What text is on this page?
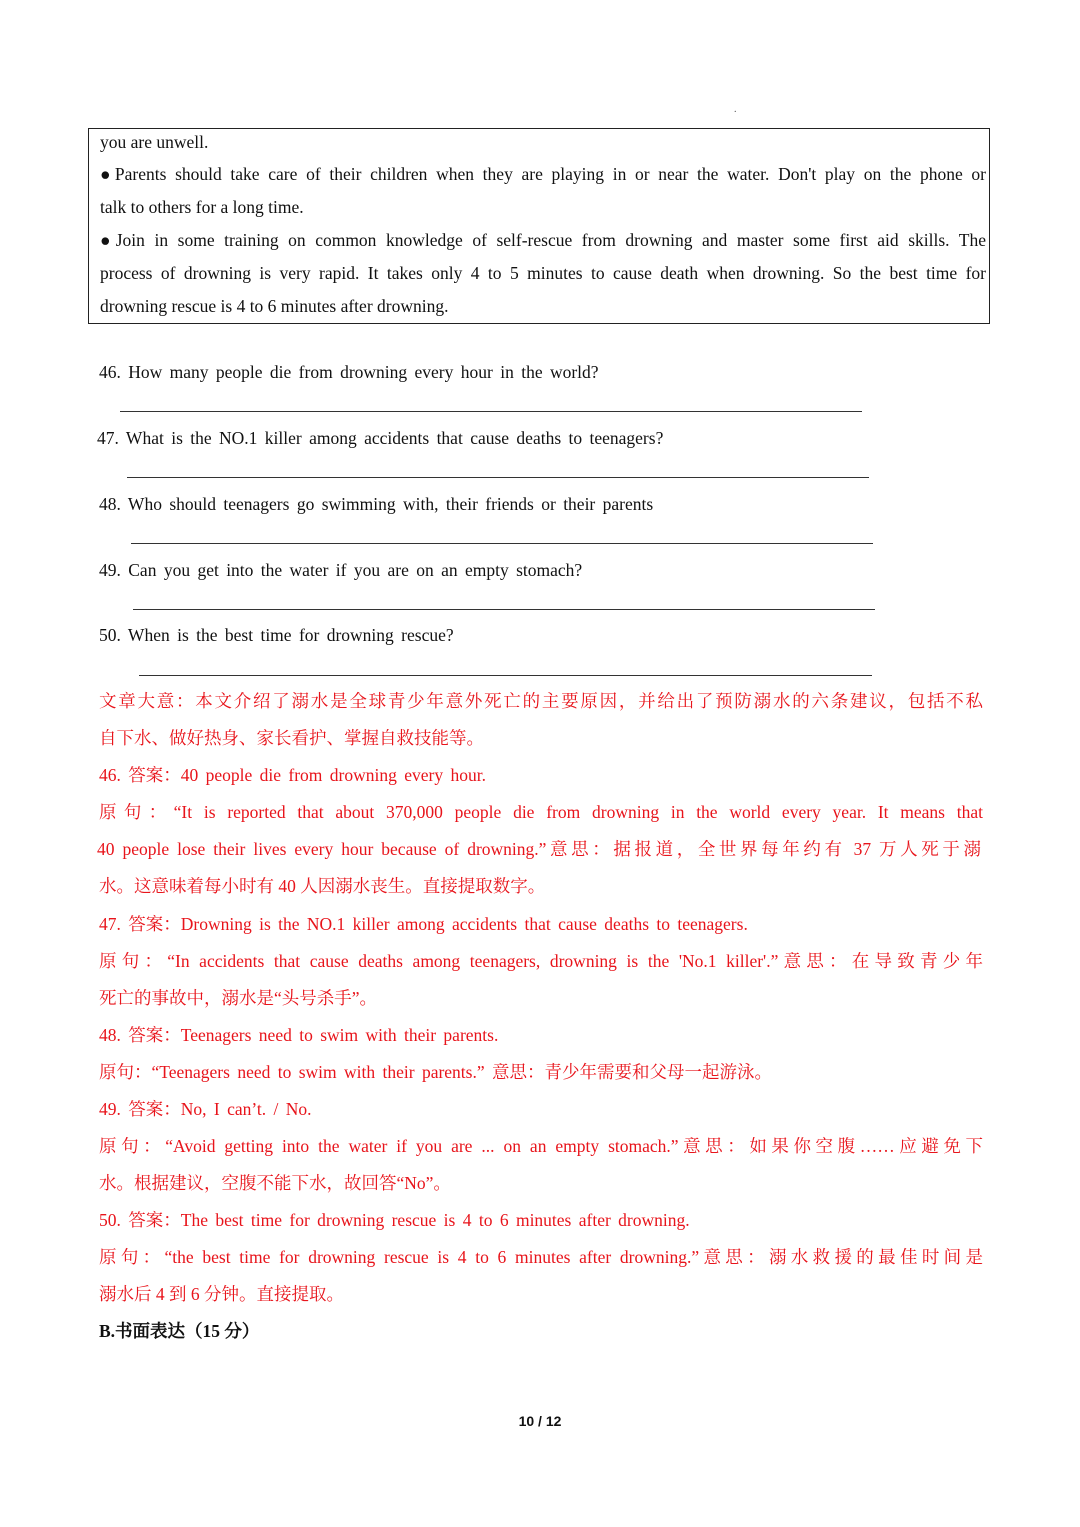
.
you are unwell.
●Parents should take care of their children when they are playing in or near the water. Don't play on the phone or
talk to others for a long time.
●Join in some training on common knowledge of self-rescue from drowning and master some first aid skills. The
process of drowning is very rapid. It takes only 4 to 5 minutes to cause death when drowning. So the best time for
drowning rescue is 4 to 6 minutes after drowning.
46. How many people die from drowning every hour in the world?
47. What is the NO.1 killer among accidents that cause deaths to teenagers?
48. Who should teenagers go swimming with, their friends or their parents
49. Can you get into the water if you are on an empty stomach?
50. When is the best time for drowning rescue?
文章大意：本文介绍了溺水是全球青少年意外死亡的主要原因，并给出了预防溺水的六条建议，包括不私
自下水、做好热身、家长看护、掌握自救技能等。
46. 答案：40 people die from drowning every hour.
原句：“It is reported that about 370,000 people die from drowning in the world every year. It means that
40 people lose their lives every hour because of drowning.”意思：据报道，全世界每年约有 37 万人死于溺
水。这意味着每小时有 40 人因溺水丧生。直接提取数字。
47. 答案：Drowning is the NO.1 killer among accidents that cause deaths to teenagers.
原句：“In accidents that cause deaths among teenagers, drowning is the 'No.1 killer'.”意思：在导致青少年
死亡的事故中，溺水是“头号杀手”。
48. 答案：Teenagers need to swim with their parents.
原句：“Teenagers need to swim with their parents.” 意思：青少年需要和父母一起游泳。
49. 答案：No, I can’t. / No.
原句：“Avoid getting into the water if you are ... on an empty stomach.”意思：如果你空腹……应避免下
水。根据建议，空腹不能下水，故回答“No”。
50. 答案：The best time for drowning rescue is 4 to 6 minutes after drowning.
原句：“the best time for drowning rescue is 4 to 6 minutes after drowning.”意思：溺水救援的最佳时间是
溺水后 4 到 6 分钟。直接提取。
B.书面表达（15 分）
10 / 12
